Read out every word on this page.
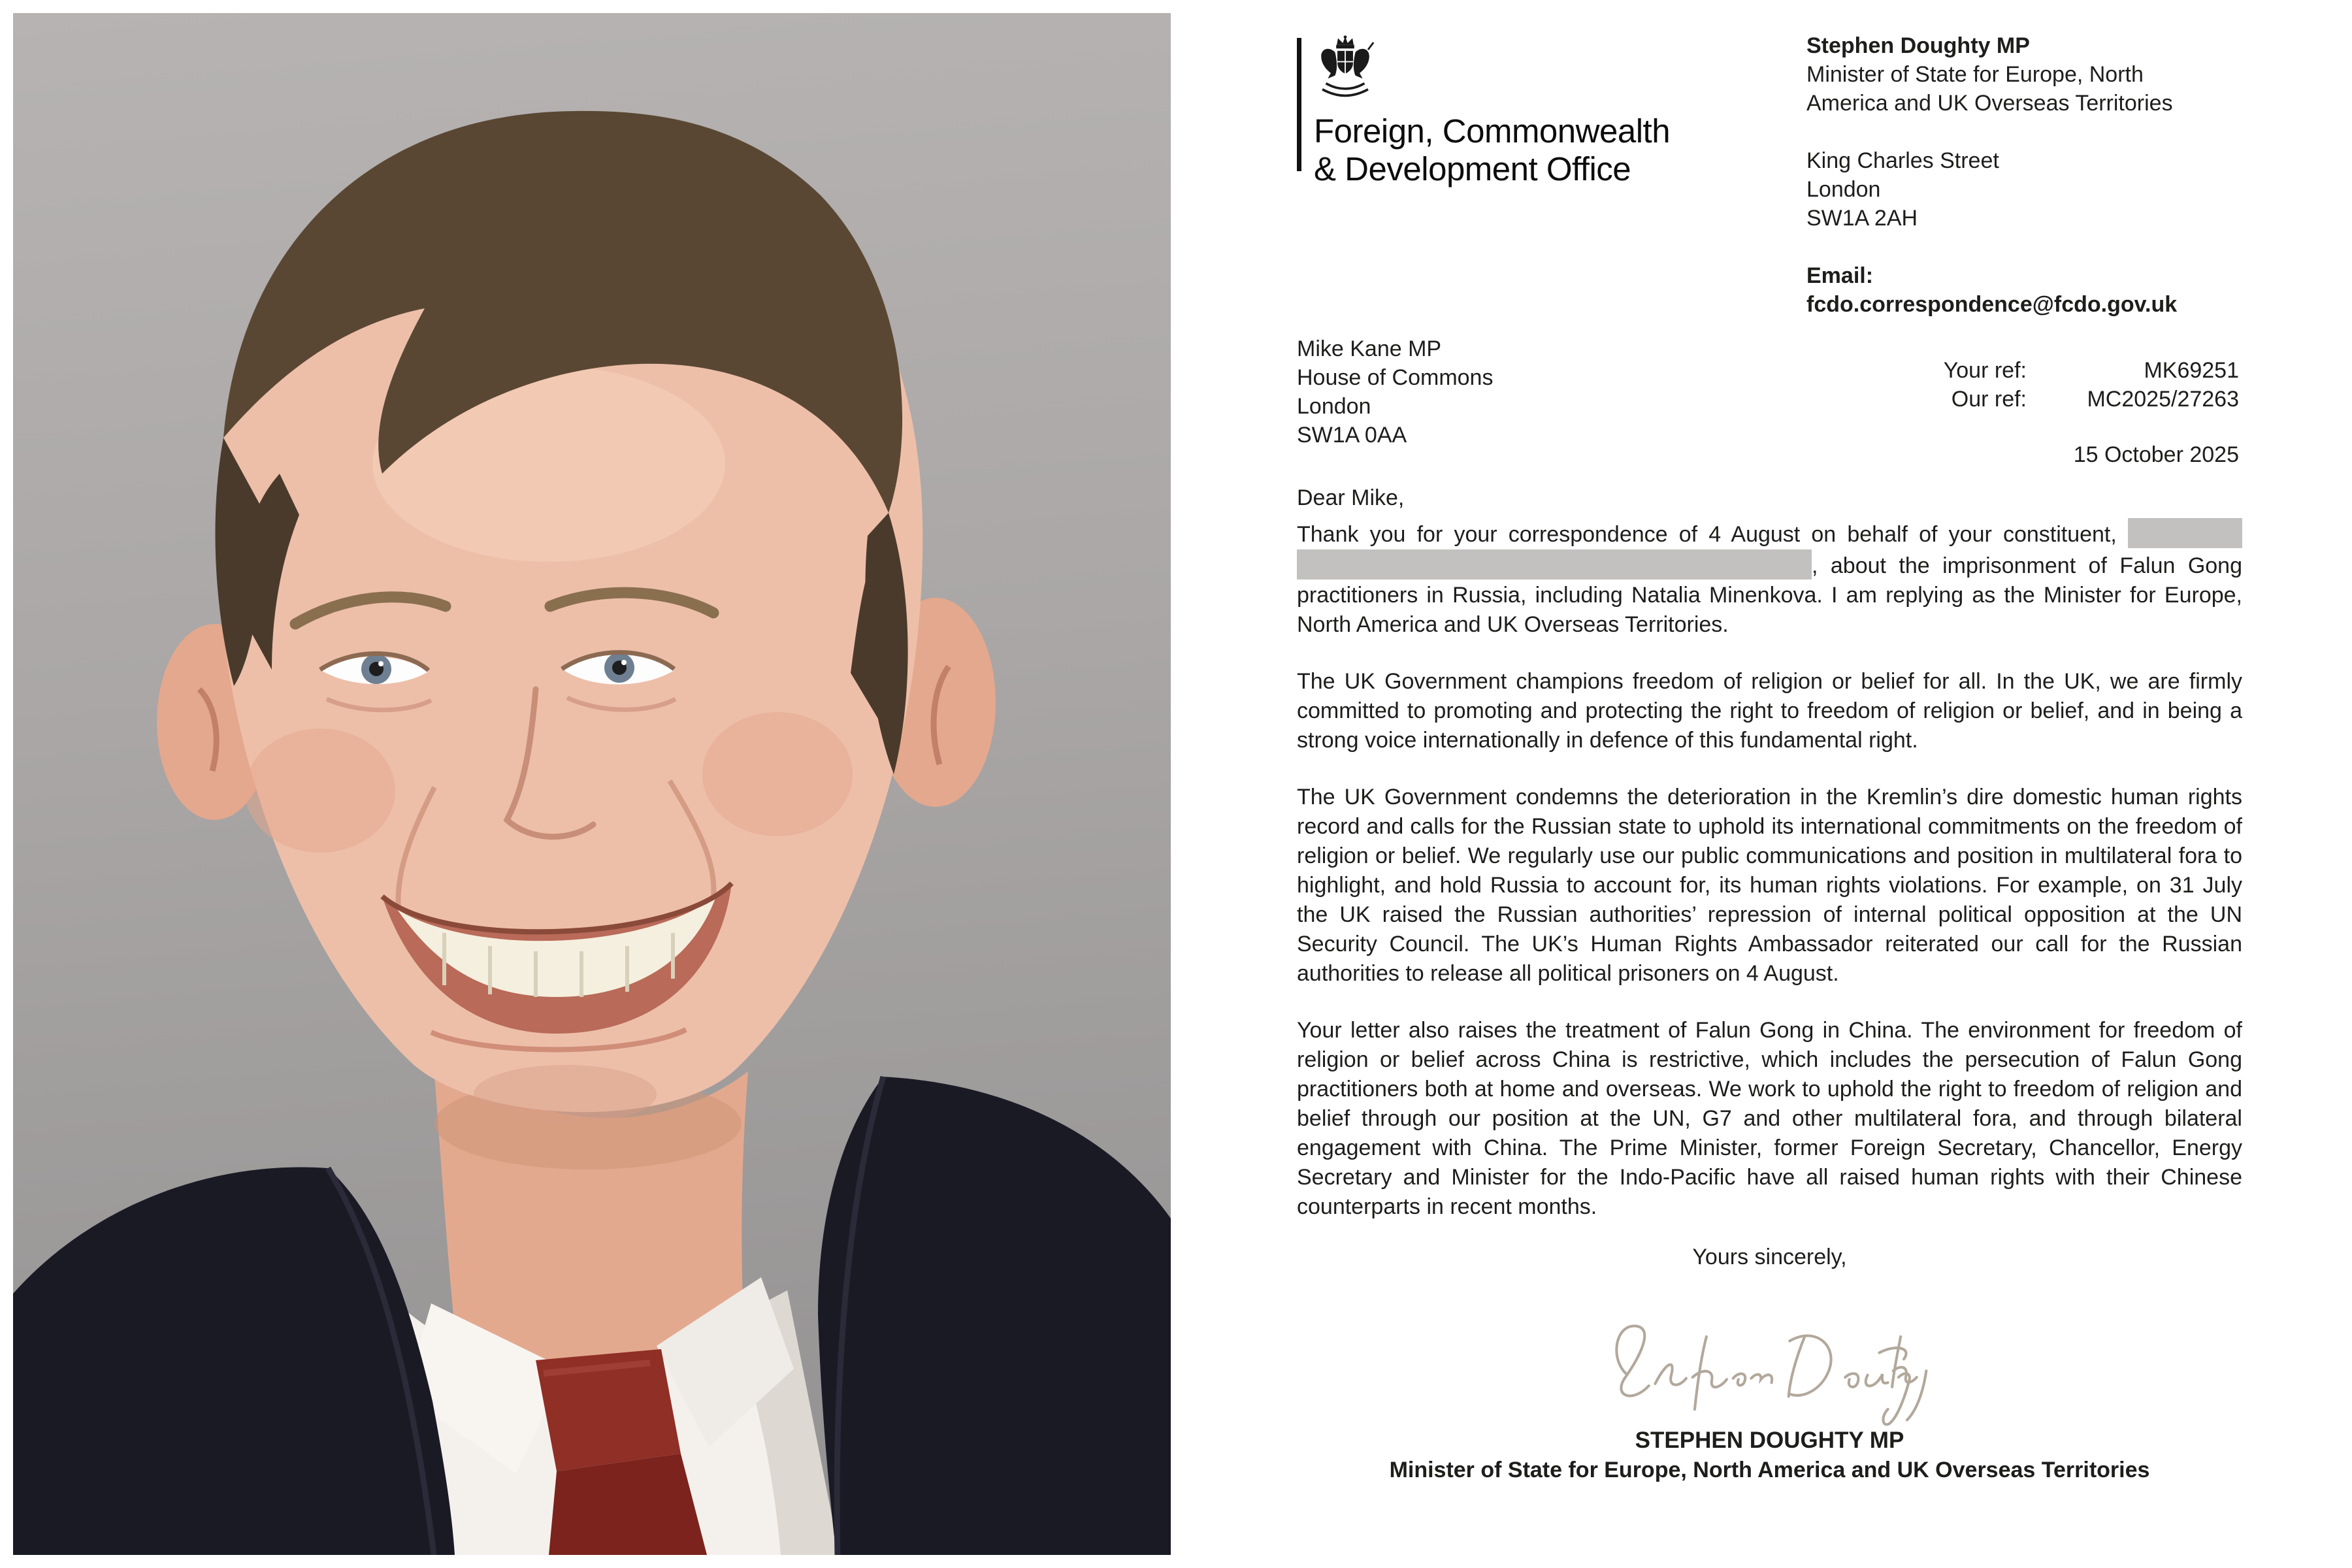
Foreign, Commonwealth
& Development Office
Stephen Doughty MP
Minister of State for Europe, North
America and UK Overseas Territories
King Charles Street
London
SW1A 2AH
Email:
fcdo.correspondence@fcdo.gov.uk
Mike Kane MP
House of Commons
London
SW1A 0AA
Your ref:	MK69251
Our ref:	MC2025/27263
15 October 2025
Dear Mike,

Thank you for your correspondence of 4 August on behalf of your constituent, , about the imprisonment of Falun Gong practitioners in Russia, including Natalia Minenkova. I am replying as the Minister for Europe, North America and UK Overseas Territories.

The UK Government champions freedom of religion or belief for all. In the UK, we are firmly committed to promoting and protecting the right to freedom of religion or belief, and in being a strong voice internationally in defence of this fundamental right.

The UK Government condemns the deterioration in the Kremlin’s dire domestic human rights record and calls for the Russian state to uphold its international commitments on the freedom of religion or belief. We regularly use our public communications and position in multilateral fora to highlight, and hold Russia to account for, its human rights violations. For example, on 31 July the UK raised the Russian authorities’ repression of internal political opposition at the UN Security Council. The UK’s Human Rights Ambassador reiterated our call for the Russian authorities to release all political prisoners on 4 August.

Your letter also raises the treatment of Falun Gong in China. The environment for freedom of religion or belief across China is restrictive, which includes the persecution of Falun Gong practitioners both at home and overseas. We work to uphold the right to freedom of religion and belief through our position at the UN, G7 and other multilateral fora, and through bilateral engagement with China. The Prime Minister, former Foreign Secretary, Chancellor, Energy Secretary and Minister for the Indo-Pacific have all raised human rights with their Chinese counterparts in recent months.

Yours sincerely,
STEPHEN DOUGHTY MP
Minister of State for Europe, North America and UK Overseas Territories
